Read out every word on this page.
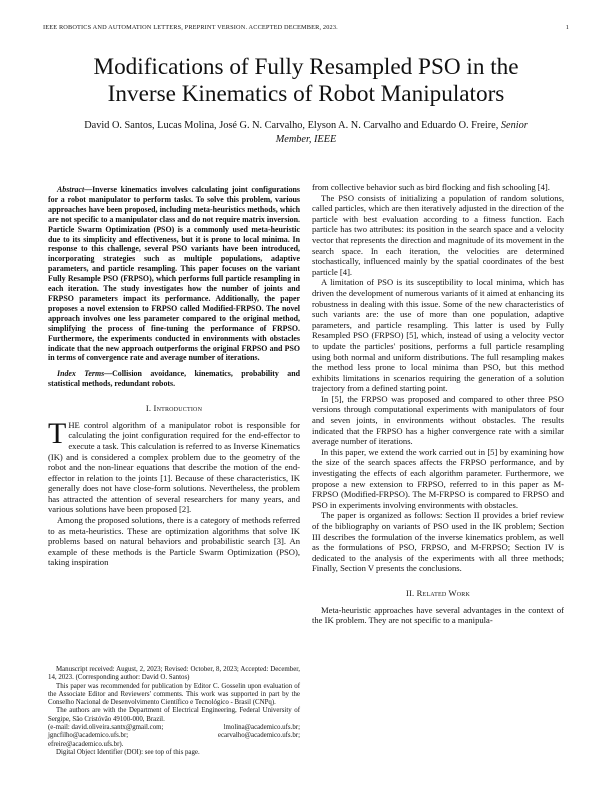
IEEE ROBOTICS AND AUTOMATION LETTERS, PREPRINT VERSION. ACCEPTED DECEMBER, 2023.	1
Modifications of Fully Resampled PSO in the
Inverse Kinematics of Robot Manipulators
David O. Santos, Lucas Molina, José G. N. Carvalho, Elyson A. N. Carvalho and Eduardo O. Freire, Senior
Member, IEEE

Abstract—Inverse kinematics involves calculating joint configurations for a robot manipulator to perform tasks. To solve this problem, various approaches have been proposed, including meta-heuristics methods, which are not specific to a manipulator class and do not require matrix inversion. Particle Swarm Optimization (PSO) is a commonly used meta-heuristic due to its simplicity and effectiveness, but it is prone to local minima. In response to this challenge, several PSO variants have been introduced, incorporating strategies such as multiple populations, adaptive parameters, and particle resampling. This paper focuses on the variant Fully Resample PSO (FRPSO), which performs full particle resampling in each iteration. The study investigates how the number of joints and FRPSO parameters impact its performance. Additionally, the paper proposes a novel extension to FRPSO called Modified-FRPSO. The novel approach involves one less parameter compared to the original method, simplifying the process of fine-tuning the performance of FRPSO. Furthermore, the experiments conducted in environments with obstacles indicate that the new approach outperforms the original FRPSO and PSO in terms of convergence rate and average number of iterations.

Index Terms—Collision avoidance, kinematics, probability and statistical methods, redundant robots.

I. Introduction

THE control algorithm of a manipulator robot is responsible for calculating the joint configuration required for the end-effector to execute a task. This calculation is referred to as Inverse Kinematics (IK) and is considered a complex problem due to the geometry of the robot and the non-linear equations that describe the motion of the end-effector in relation to the joints [1]. Because of these characteristics, IK generally does not have close-form solutions. Nevertheless, the problem has attracted the attention of several researchers for many years, and various solutions have been proposed [2].

Among the proposed solutions, there is a category of methods referred to as meta-heuristics. These are optimization algorithms that solve IK problems based on natural behaviors and probabilistic search [3]. An example of these methods is the Particle Swarm Optimization (PSO), taking inspiration

Manuscript received: August, 2, 2023; Revised: October, 8, 2023; Accepted: December, 14, 2023. (Corresponding author: David O. Santos)

This paper was recommended for publication by Editor C. Gosselin upon evaluation of the Associate Editor and Reviewers' comments. This work was supported in part by the Conselho Nacional de Desenvolvimento Científico e Tecnológico - Brasil (CNPq).

The authors are with the Department of Electrical Engineering, Federal University of Sergipe, São Cristóvão 49100-000, Brazil.

(e-mail: david.oliveira.santx@gmail.com;	lmolina@academico.ufs.br;
jgncfilho@academico.ufs.br;	ecarvalho@academico.ufs.br;
efreire@academico.ufs.br).

Digital Object Identifier (DOI): see top of this page.

from collective behavior such as bird flocking and fish schooling [4].

The PSO consists of initializing a population of random solutions, called particles, which are then iteratively adjusted in the direction of the particle with best evaluation according to a fitness function. Each particle has two attributes: its position in the search space and a velocity vector that represents the direction and magnitude of its movement in the search space. In each iteration, the velocities are determined stochastically, influenced mainly by the spatial coordinates of the best particle [4].

A limitation of PSO is its susceptibility to local minima, which has driven the development of numerous variants of it aimed at enhancing its robustness in dealing with this issue. Some of the new characteristics of such variants are: the use of more than one population, adaptive parameters, and particle resampling. This latter is used by Fully Resampled PSO (FRPSO) [5], which, instead of using a velocity vector to update the particles' positions, performs a full particle resampling using both normal and uniform distributions. The full resampling makes the method less prone to local minima than PSO, but this method exhibits limitations in scenarios requiring the generation of a solution trajectory from a defined starting point.

In [5], the FRPSO was proposed and compared to other three PSO versions through computational experiments with manipulators of four and seven joints, in environments without obstacles. The results indicated that the FRPSO has a higher convergence rate with a similar average number of iterations.

In this paper, we extend the work carried out in [5] by examining how the size of the search spaces affects the FRPSO performance, and by investigating the effects of each algorithm parameter. Furthermore, we propose a new extension to FRPSO, referred to in this paper as M-FRPSO (Modified-FRPSO). The M-FRPSO is compared to FRPSO and PSO in experiments involving environments with obstacles.

The paper is organized as follows: Section II provides a brief review of the bibliography on variants of PSO used in the IK problem; Section III describes the formulation of the inverse kinematics problem, as well as the formulations of PSO, FRPSO, and M-FRPSO; Section IV is dedicated to the analysis of the experiments with all three methods; Finally, Section V presents the conclusions.

II. Related Work

Meta-heuristic approaches have several advantages in the context of the IK problem. They are not specific to a manipula-
